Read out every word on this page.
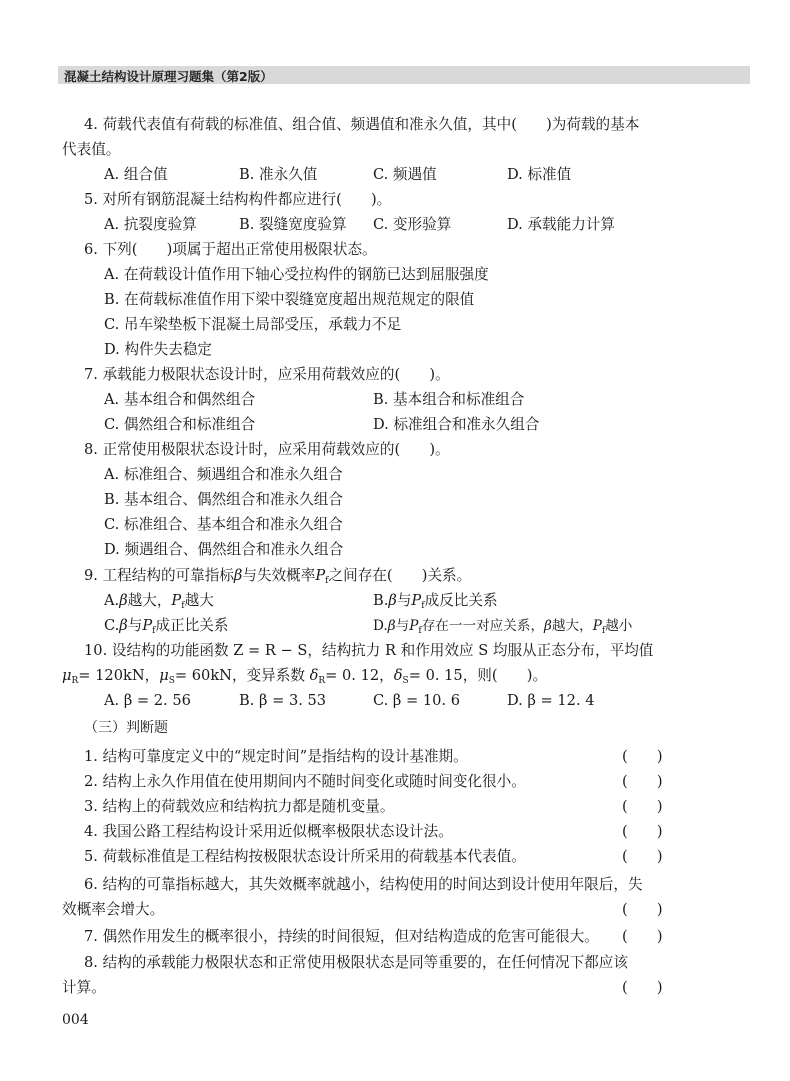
混凝土结构设计原理习题集（第2版）
4. 荷载代表值有荷载的标准值、组合值、频遇值和准永久值，其中(　　)为荷载的基本
代表值。
A. 组合值	B. 准永久值	C. 频遇值	D. 标准值
5. 对所有钢筋混凝土结构构件都应进行(　　)。
A. 抗裂度验算	B. 裂缝宽度验算 C. 变形验算	D. 承载能力计算
6. 下列(　　)项属于超出正常使用极限状态。
A. 在荷载设计值作用下轴心受拉构件的钢筋已达到屈服强度
B. 在荷载标准值作用下梁中裂缝宽度超出规范规定的限值
C. 吊车梁垫板下混凝土局部受压，承载力不足
D. 构件失去稳定
7. 承载能力极限状态设计时，应采用荷载效应的(　　)。
A. 基本组合和偶然组合	B. 基本组合和标准组合
C. 偶然组合和标准组合	D. 标准组合和准永久组合
8. 正常使用极限状态设计时，应采用荷载效应的(　　)。
A. 标准组合、频遇组合和准永久组合
B. 基本组合、偶然组合和准永久组合
C. 标准组合、基本组合和准永久组合
D. 频遇组合、偶然组合和准永久组合
9. 工程结构的可靠指标β与失效概率$P_f$之间存在(　　)关系。
A.β越大，$P_f$越大	B.β与$P_f$成反比关系
C.β与$P_f$成正比关系	D.β与$P_f$存在一一对应关系，β越大，$P_f$越小
10. 设结构的功能函数 Z = R − S，结构抗力 R 和作用效应 S 均服从正态分布，平均值
$\mu_R= 120kN$，$\mu_S= 60kN$，变异系数 $\delta_R= 0$. 12，$\delta_S= 0$. 15，则(　　)。
A. β = 2. 56	B. β = 3. 53	C. β = 10. 6	D. β = 12. 4
（三）判断题
1. 结构可靠度定义中的“规定时间”是指结构的设计基准期。	(　　)
2. 结构上永久作用值在使用期间内不随时间变化或随时间变化很小。	(　　)
3. 结构上的荷载效应和结构抗力都是随机变量。	(　　)
4. 我国公路工程结构设计采用近似概率极限状态设计法。	(　　)
5. 荷载标准值是工程结构按极限状态设计所采用的荷载基本代表值。	(　　)
6. 结构的可靠指标越大，其失效概率就越小，结构使用的时间达到设计使用年限后，失
效概率会增大。	(　　)
7. 偶然作用发生的概率很小，持续的时间很短，但对结构造成的危害可能很大。 (　　)
8. 结构的承载能力极限状态和正常使用极限状态是同等重要的，在任何情况下都应该
计算。	(　　)
004
